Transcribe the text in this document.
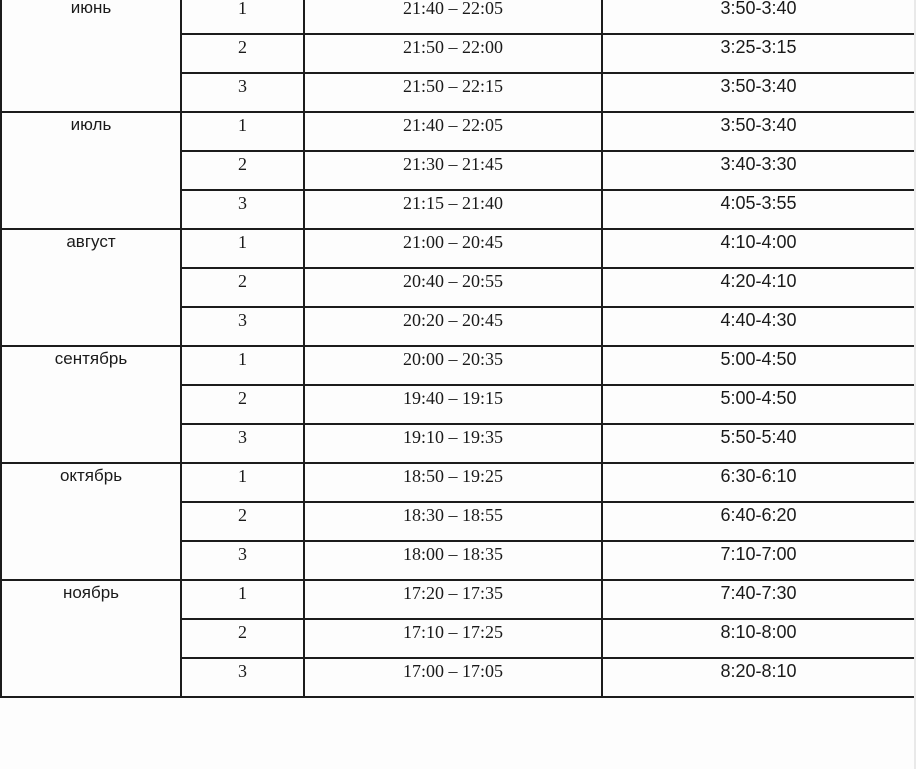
июнь	1	21:40 – 22:05	3:50-3:40
	2	21:50 – 22:00	3:25-3:15
	3	21:50 – 22:15	3:50-3:40
июль	1	21:40 – 22:05	3:50-3:40
	2	21:30 – 21:45	3:40-3:30
	3	21:15 – 21:40	4:05-3:55
август	1	21:00 – 20:45	4:10-4:00
	2	20:40 – 20:55	4:20-4:10
	3	20:20 – 20:45	4:40-4:30
сентябрь	1	20:00 – 20:35	5:00-4:50
	2	19:40 – 19:15	5:00-4:50
	3	19:10 – 19:35	5:50-5:40
октябрь	1	18:50 – 19:25	6:30-6:10
	2	18:30 – 18:55	6:40-6:20
	3	18:00 – 18:35	7:10-7:00
ноябрь	1	17:20 – 17:35	7:40-7:30
	2	17:10 – 17:25	8:10-8:00
	3	17:00 – 17:05	8:20-8:10
